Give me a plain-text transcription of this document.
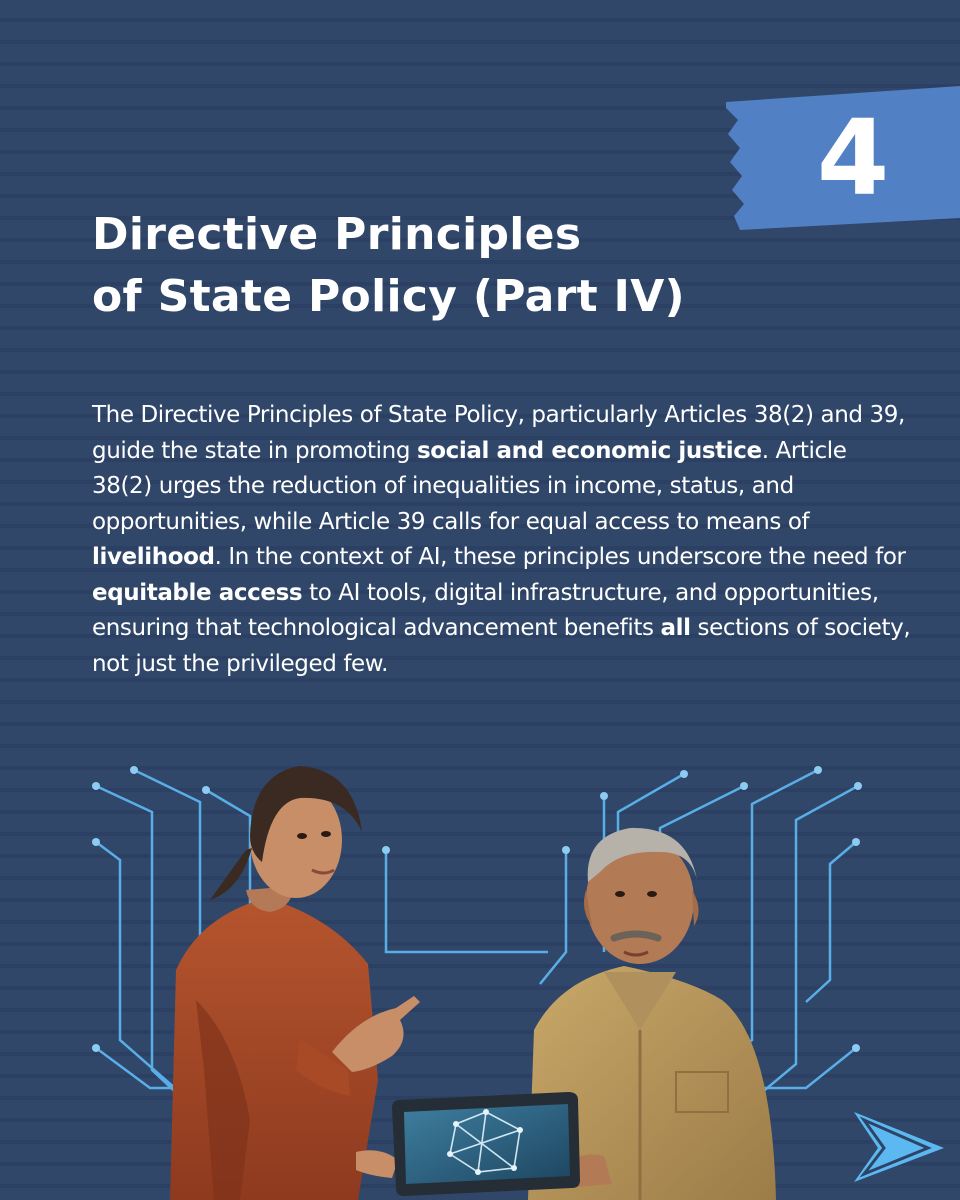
4
Directive Principles
of State Policy (Part IV)

The Directive Principles of State Policy, particularly Articles 38(2) and 39, guide the state in promoting social and economic justice. Article 38(2) urges the reduction of inequalities in income, status, and opportunities, while Article 39 calls for equal access to means of livelihood. In the context of AI, these principles underscore the need for equitable access to AI tools, digital infrastructure, and opportunities, ensuring that technological advancement benefits all sections of society, not just the privileged few.
